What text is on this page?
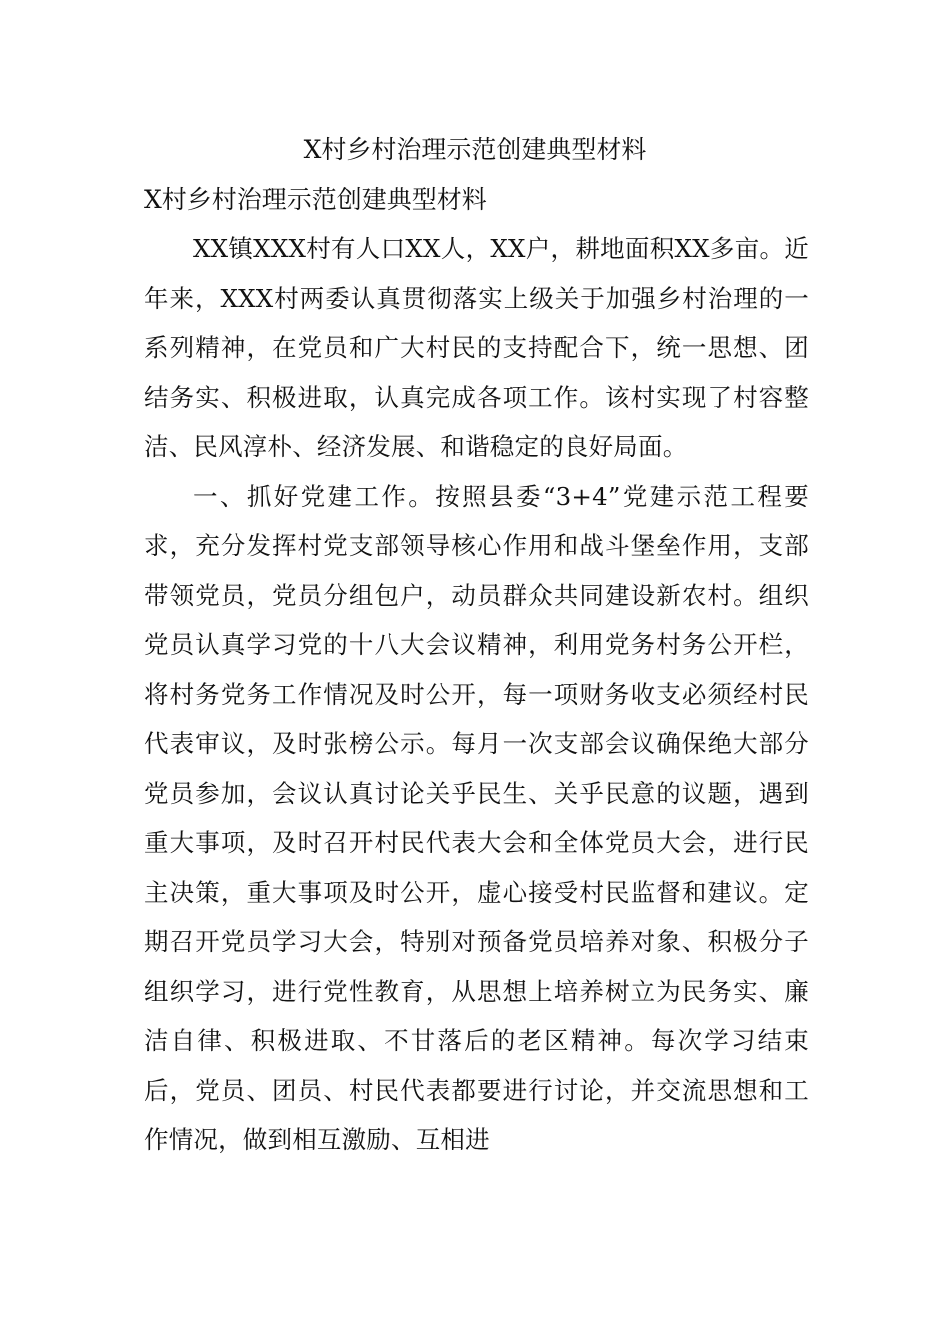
X村乡村治理示范创建典型材料
X村乡村治理示范创建典型材料

XX镇XXX村有人口XX人，XX户，耕地面积XX多亩。近年来，XXX村两委认真贯彻落实上级关于加强乡村治理的一系列精神，在党员和广大村民的支持配合下，统一思想、团结务实、积极进取，认真完成各项工作。该村实现了村容整洁、民风淳朴、经济发展、和谐稳定的良好局面。

一、抓好党建工作。按照县委“3+4”党建示范工程要求，充分发挥村党支部领导核心作用和战斗堡垒作用，支部带领党员，党员分组包户，动员群众共同建设新农村。组织党员认真学习党的十八大会议精神，利用党务村务公开栏，将村务党务工作情况及时公开，每一项财务收支必须经村民代表审议，及时张榜公示。每月一次支部会议确保绝大部分党员参加，会议认真讨论关乎民生、关乎民意的议题，遇到重大事项，及时召开村民代表大会和全体党员大会，进行民主决策，重大事项及时公开，虚心接受村民监督和建议。定期召开党员学习大会，特别对预备党员培养对象、积极分子组织学习，进行党性教育，从思想上培养树立为民务实、廉洁自律、积极进取、不甘落后的老区精神。每次学习结束后，党员、团员、村民代表都要进行讨论，并交流思想和工作情况，做到相互激励、互相进
